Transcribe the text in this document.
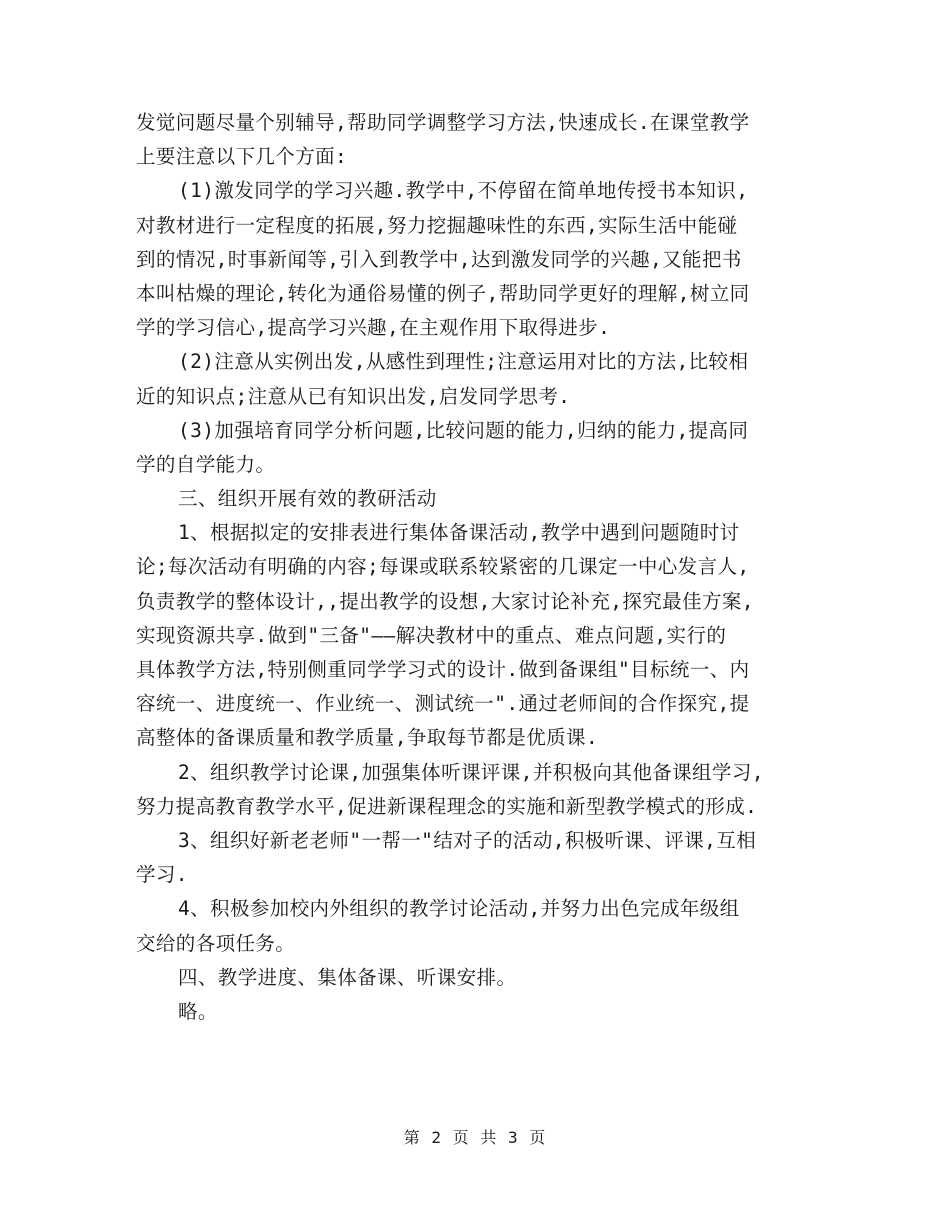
发觉问题尽量个别辅导,帮助同学调整学习方法,快速成长.在课堂教学
上要注意以下几个方面:
(1)激发同学的学习兴趣.教学中,不停留在简单地传授书本知识,
对教材进行一定程度的拓展,努力挖掘趣味性的东西,实际生活中能碰
到的情况,时事新闻等,引入到教学中,达到激发同学的兴趣,又能把书
本叫枯燥的理论,转化为通俗易懂的例子,帮助同学更好的理解,树立同
学的学习信心,提高学习兴趣,在主观作用下取得进步.
(2)注意从实例出发,从感性到理性;注意运用对比的方法,比较相
近的知识点;注意从已有知识出发,启发同学思考.
(3)加强培育同学分析问题,比较问题的能力,归纳的能力,提高同
学的自学能力。
三、组织开展有效的教研活动
1、根据拟定的安排表进行集体备课活动,教学中遇到问题随时讨
论;每次活动有明确的内容;每课或联系较紧密的几课定一中心发言人,
负责教学的整体设计,,提出教学的设想,大家讨论补充,探究最佳方案,
实现资源共享.做到"三备"——解决教材中的重点、难点问题,实行的
具体教学方法,特别侧重同学学习式的设计.做到备课组"目标统一、内
容统一、进度统一、作业统一、测试统一".通过老师间的合作探究,提
高整体的备课质量和教学质量,争取每节都是优质课.
2、组织教学讨论课,加强集体听课评课,并积极向其他备课组学习,
努力提高教育教学水平,促进新课程理念的实施和新型教学模式的形成.
3、组织好新老老师"一帮一"结对子的活动,积极听课、评课,互相
学习.
4、积极参加校内外组织的教学讨论活动,并努力出色完成年级组
交给的各项任务。
四、教学进度、集体备课、听课安排。
略。
第 2 页 共 3 页
